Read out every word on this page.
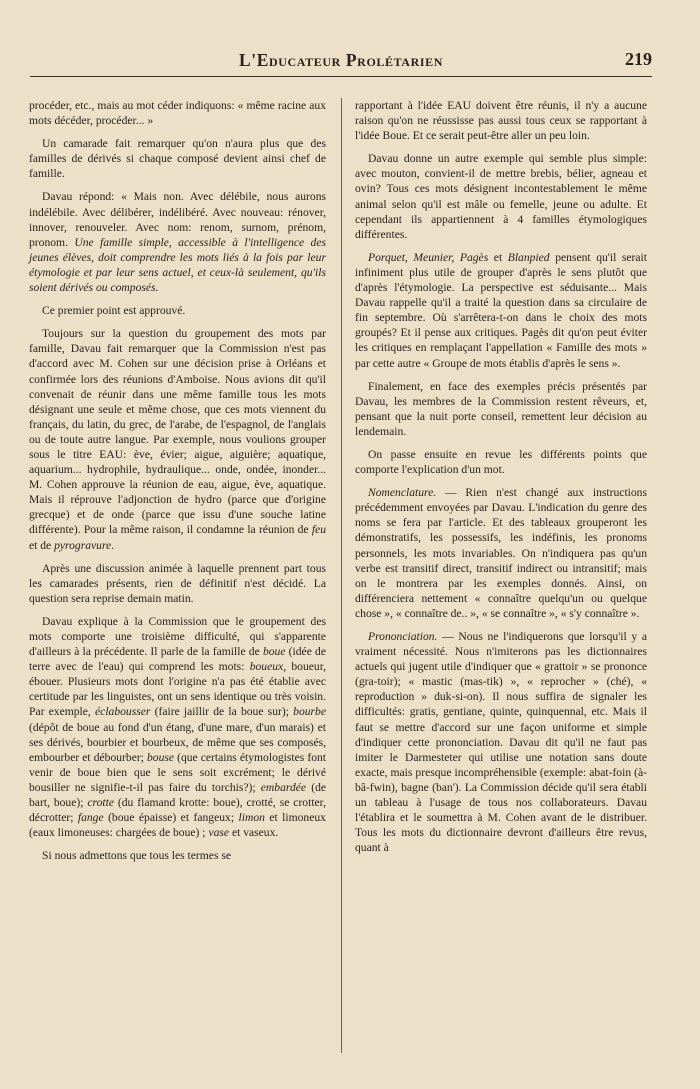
L'Educateur Prolétarien	219

procéder, etc., mais au mot céder indiquons: « même racine aux mots décéder, procéder... »

Un camarade fait remarquer qu'on n'aura plus que des familles de dérivés si chaque composé devient ainsi chef de famille.

Davau répond: « Mais non. Avec délébile, nous aurons indélébile. Avec délibérer, indélibéré. Avec nouveau: rénover, innover, renouveler. Avec nom: renom, surnom, prénom, pronom. Une famille simple, accessible à l'intelligence des jeunes élèves, doit comprendre les mots liés à la fois par leur étymologie et par leur sens actuel, et ceux-là seulement, qu'ils soient dérivés ou composés.

Ce premier point est approuvé.

Toujours sur la question du groupement des mots par famille, Davau fait remarquer que la Commission n'est pas d'accord avec M. Cohen sur une décision prise à Orléans et confirmée lors des réunions d'Amboise. Nous avions dit qu'il convenait de réunir dans une même famille tous les mots désignant une seule et même chose, que ces mots viennent du français, du latin, du grec, de l'arabe, de l'espagnol, de l'anglais ou de toute autre langue. Par exemple, nous voulions grouper sous le titre EAU: ève, évier; aigue, aiguière; aquatique, aquarium... hydrophile, hydraulique... onde, ondée, inonder... M. Cohen approuve la réunion de eau, aigue, ève, aquatique. Mais il réprouve l'adjonction de hydro (parce que d'origine grecque) et de onde (parce que issu d'une souche latine différente). Pour la même raison, il condamne la réunion de feu et de pyrogravure.

Après une discussion animée à laquelle prennent part tous les camarades présents, rien de définitif n'est décidé. La question sera reprise demain matin.

Davau explique à la Commission que le groupement des mots comporte une troisième difficulté, qui s'apparente d'ailleurs à la précédente. Il parle de la famille de boue (idée de terre avec de l'eau) qui comprend les mots: boueux, boueur, ébouer. Plusieurs mots dont l'origine n'a pas été établie avec certitude par les linguistes, ont un sens identique ou très voisin. Par exemple, éclabousser (faire jaillir de la boue sur); bourbe (dépôt de boue au fond d'un étang, d'une mare, d'un marais) et ses dérivés, bourbier et bourbeux, de même que ses composés, embourber et débourber; bouse (que certains étymologistes font venir de boue bien que le sens soit excrément; le dérivé bousiller ne signifie-t-il pas faire du torchis?); embardée (de bart, boue); crotte (du flamand krotte: boue), crotté, se crotter, décrotter; fange (boue épaisse) et fangeux; limon et limoneux (eaux limoneuses: chargées de boue) ; vase et vaseux.

Si nous admettons que tous les termes se

rapportant à l'idée EAU doivent être réunis, il n'y a aucune raison qu'on ne réussisse pas aussi tous ceux se rapportant à l'idée Boue. Et ce serait peut-être aller un peu loin.

Davau donne un autre exemple qui semble plus simple: avec mouton, convient-il de mettre brebis, bélier, agneau et ovin? Tous ces mots désignent incontestablement le même animal selon qu'il est mâle ou femelle, jeune ou adulte. Et cependant ils appartiennent à 4 familles étymologiques différentes.

Porquet, Meunier, Pagès et Blanpied pensent qu'il serait infiniment plus utile de grouper d'après le sens plutôt que d'après l'étymologie. La perspective est séduisante... Mais Davau rappelle qu'il a traité la question dans sa circulaire de fin septembre. Où s'arrêtera-t-on dans le choix des mots groupés? Et il pense aux critiques. Pagès dit qu'on peut éviter les critiques en remplaçant l'appellation « Famille des mots » par cette autre « Groupe de mots établis d'après le sens ».

Finalement, en face des exemples précis présentés par Davau, les membres de la Commission restent rêveurs, et, pensant que la nuit porte conseil, remettent leur décision au lendemain.

On passe ensuite en revue les différents points que comporte l'explication d'un mot.

Nomenclature. — Rien n'est changé aux instructions précédemment envoyées par Davau. L'indication du genre des noms se fera par l'article. Et des tableaux grouperont les démonstratifs, les possessifs, les indéfinis, les pronoms personnels, les mots invariables. On n'indiquera pas qu'un verbe est transitif direct, transitif indirect ou intransitif; mais on le montrera par les exemples donnés. Ainsi, on différenciera nettement « connaître quelqu'un ou quelque chose », « connaître de.. », « se connaître », « s'y connaître ».

Prononciation. — Nous ne l'indiquerons que lorsqu'il y a vraiment nécessité. Nous n'imiterons pas les dictionnaires actuels qui jugent utile d'indiquer que « grattoir » se prononce (gra-toir); « mastic (mas-tik) », « reprocher » (ché), « reproduction » duk-si-on). Il nous suffira de signaler les difficultés: gratis, gentiane, quinte, quinquennal, etc. Mais il faut se mettre d'accord sur une façon uniforme et simple d'indiquer cette prononciation. Davau dit qu'il ne faut pas imiter le Darmesteter qui utilise une notation sans doute exacte, mais presque incompréhensible (exemple: abat-foin (à-bâ-fwin), bagne (ban'). La Commission décide qu'il sera établi un tableau à l'usage de tous nos collaborateurs. Davau l'établira et le soumettra à M. Cohen avant de le distribuer. Tous les mots du dictionnaire devront d'ailleurs être revus, quant à
